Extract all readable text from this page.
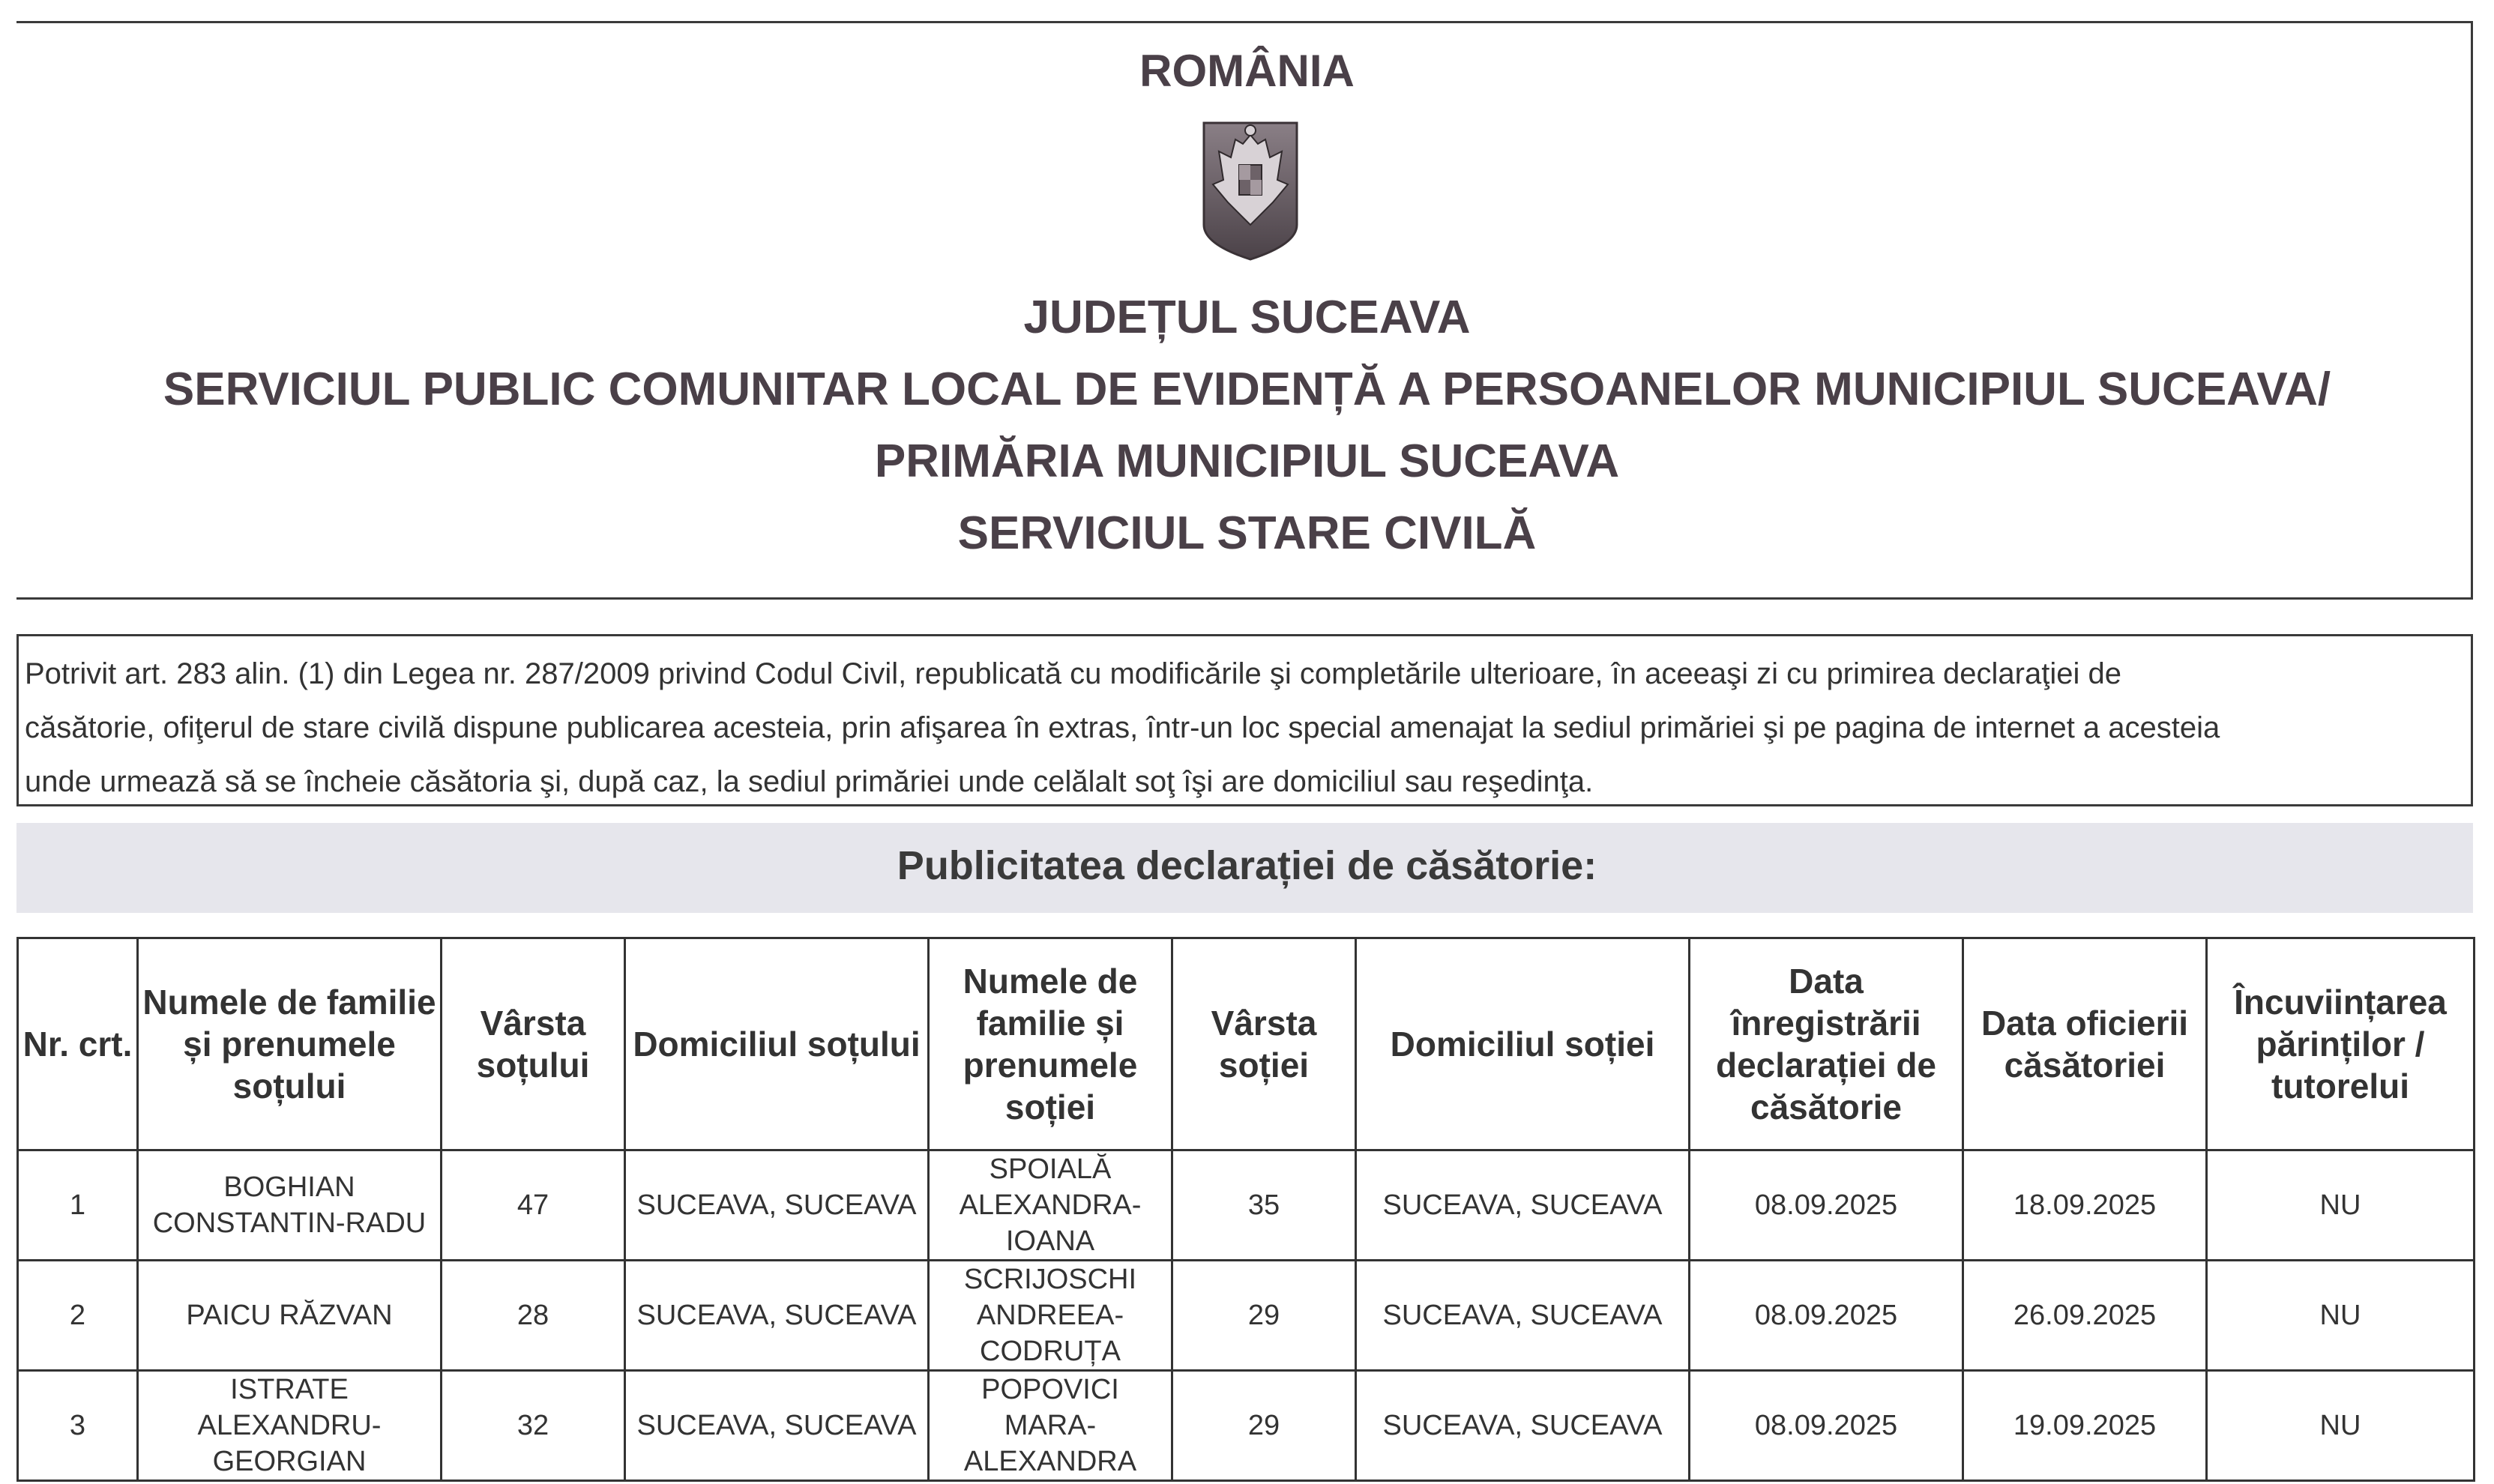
ROMÂNIA
JUDEȚUL SUCEAVA
SERVICIUL PUBLIC COMUNITAR LOCAL DE EVIDENȚĂ A PERSOANELOR MUNICIPIUL SUCEAVA/
PRIMĂRIA MUNICIPIUL SUCEAVA
SERVICIUL STARE CIVILĂ
Potrivit art. 283 alin. (1) din Legea nr. 287/2009 privind Codul Civil, republicată cu modificările şi completările ulterioare, în aceeaşi zi cu primirea declaraţiei de
căsătorie, ofiţerul de stare civilă dispune publicarea acesteia, prin afişarea în extras, într-un loc special amenajat la sediul primăriei şi pe pagina de internet a acesteia
unde urmează să se încheie căsătoria şi, după caz, la sediul primăriei unde celălalt soţ îşi are domiciliul sau reşedinţa.
Publicitatea declarației de căsătorie:
Nr. crt.	Numele de familie și prenumele soțului	Vârsta soțului	Domiciliul soțului	Numele de familie și prenumele soției	Vârsta soției	Domiciliul soției	Data înregistrării declarației de căsătorie	Data oficierii căsătoriei	Încuviințarea părinților / tutorelui
1	BOGHIAN CONSTANTIN-RADU	47	SUCEAVA, SUCEAVA	SPOIALĂ ALEXANDRA-IOANA	35	SUCEAVA, SUCEAVA	08.09.2025	18.09.2025	NU
2	PAICU RĂZVAN	28	SUCEAVA, SUCEAVA	SCRIJOSCHI ANDREEA-CODRUȚA	29	SUCEAVA, SUCEAVA	08.09.2025	26.09.2025	NU
3	ISTRATE ALEXANDRU-GEORGIAN	32	SUCEAVA, SUCEAVA	POPOVICI MARA-ALEXANDRA	29	SUCEAVA, SUCEAVA	08.09.2025	19.09.2025	NU
